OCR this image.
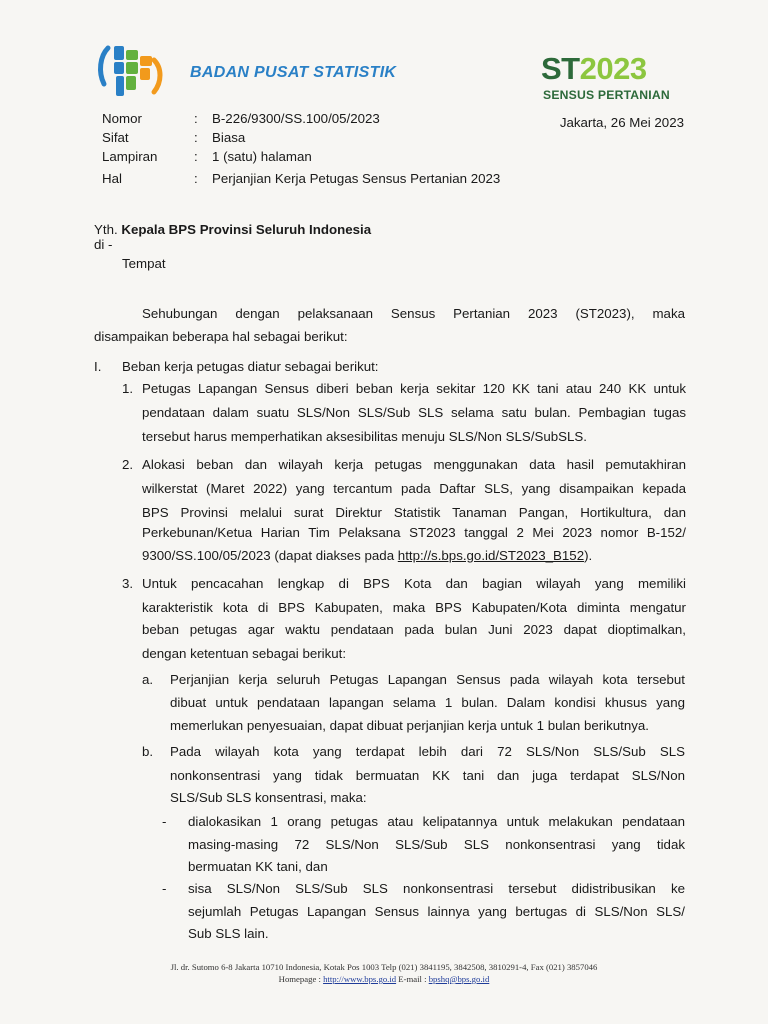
BADAN PUSAT STATISTIK	ST2023
SENSUS PERTANIAN
Nomor	: B-226/9300/SS.100/05/2023
Sifat	: Biasa
Lampiran	: 1 (satu) halaman
Hal	: Perjanjian Kerja Petugas Sensus Pertanian 2023
Jakarta, 26 Mei 2023
Yth. Kepala BPS Provinsi Seluruh Indonesia
di -
Tempat
Sehubungan dengan pelaksanaan Sensus Pertanian 2023 (ST2023), maka
disampaikan beberapa hal sebagai berikut:
I. Beban kerja petugas diatur sebagai berikut:
1. Petugas Lapangan Sensus diberi beban kerja sekitar 120 KK tani atau 240 KK untuk
pendataan dalam suatu SLS/Non SLS/Sub SLS selama satu bulan. Pembagian tugas
tersebut harus memperhatikan aksesibilitas menuju SLS/Non SLS/SubSLS.
2. Alokasi beban dan wilayah kerja petugas menggunakan data hasil pemutakhiran
wilkerstat (Maret 2022) yang tercantum pada Daftar SLS, yang disampaikan kepada
BPS Provinsi melalui surat Direktur Statistik Tanaman Pangan, Hortikultura, dan
Perkebunan/Ketua Harian Tim Pelaksana ST2023 tanggal 2 Mei 2023 nomor B-152/
9300/SS.100/05/2023 (dapat diakses pada http://s.bps.go.id/ST2023_B152).
3. Untuk pencacahan lengkap di BPS Kota dan bagian wilayah yang memiliki
karakteristik kota di BPS Kabupaten, maka BPS Kabupaten/Kota diminta mengatur
beban petugas agar waktu pendataan pada bulan Juni 2023 dapat dioptimalkan,
dengan ketentuan sebagai berikut:
a. Perjanjian kerja seluruh Petugas Lapangan Sensus pada wilayah kota tersebut
dibuat untuk pendataan lapangan selama 1 bulan. Dalam kondisi khusus yang
memerlukan penyesuaian, dapat dibuat perjanjian kerja untuk 1 bulan berikutnya.
b. Pada wilayah kota yang terdapat lebih dari 72 SLS/Non SLS/Sub SLS
nonkonsentrasi yang tidak bermuatan KK tani dan juga terdapat SLS/Non
SLS/Sub SLS konsentrasi, maka:
- dialokasikan 1 orang petugas atau kelipatannya untuk melakukan pendataan
masing-masing 72 SLS/Non SLS/Sub SLS nonkonsentrasi yang tidak
bermuatan KK tani, dan
- sisa SLS/Non SLS/Sub SLS nonkonsentrasi tersebut didistribusikan ke
sejumlah Petugas Lapangan Sensus lainnya yang bertugas di SLS/Non SLS/
Sub SLS lain.
Jl. dr. Sutomo 6-8 Jakarta 10710 Indonesia, Kotak Pos 1003 Telp (021) 3841195, 3842508, 3810291-4, Fax (021) 3857046
Homepage : http://www.bps.go.id E-mail : bpshq@bps.go.id
